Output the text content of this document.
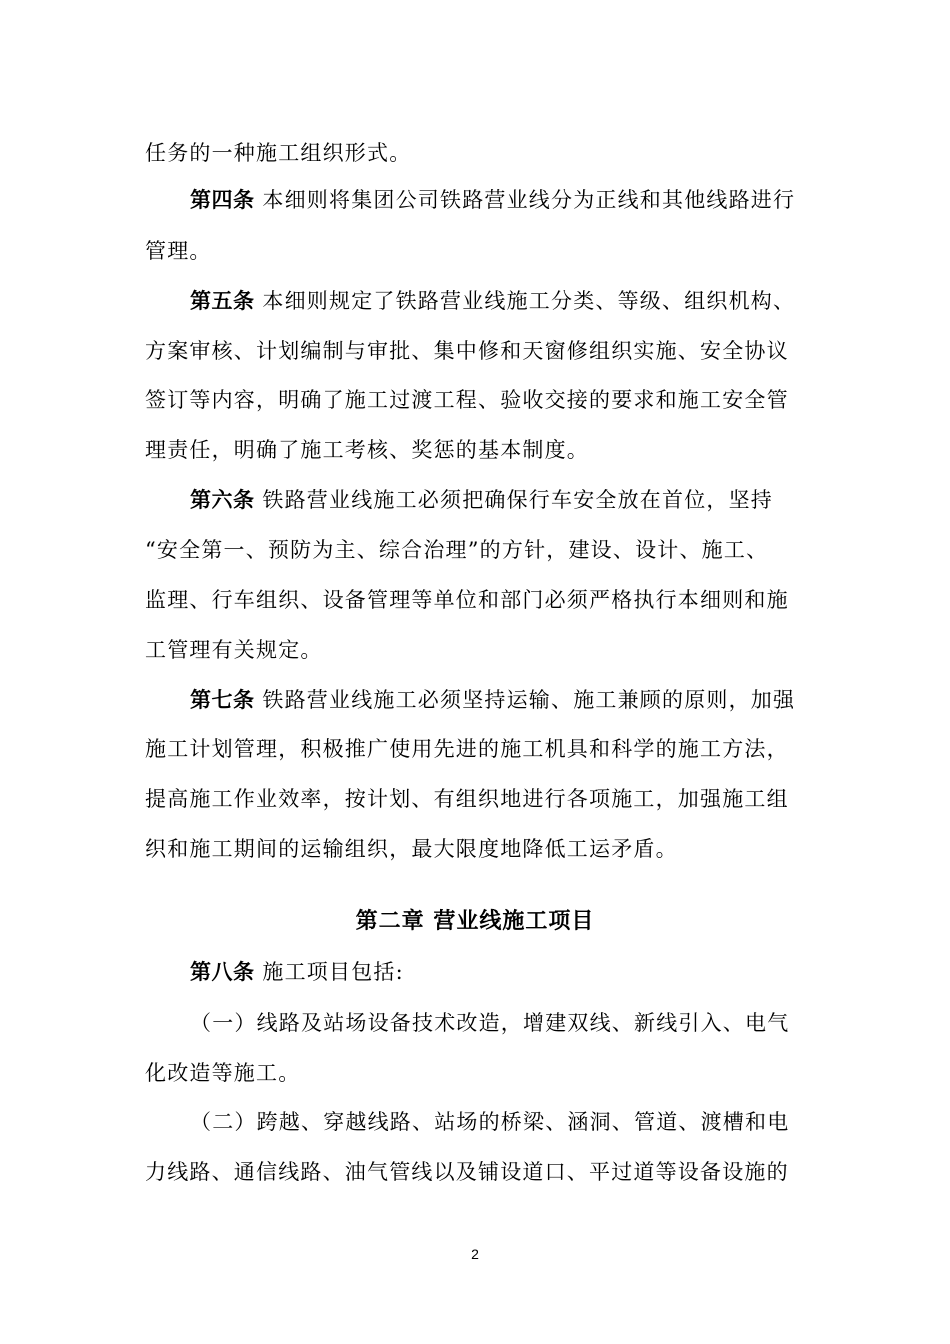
任务的一种施工组织形式。
第四条 本细则将集团公司铁路营业线分为正线和其他线路进行
管理。
第五条 本细则规定了铁路营业线施工分类、等级、组织机构、
方案审核、计划编制与审批、集中修和天窗修组织实施、安全协议
签订等内容，明确了施工过渡工程、验收交接的要求和施工安全管
理责任，明确了施工考核、奖惩的基本制度。
第六条 铁路营业线施工必须把确保行车安全放在首位，坚持
“安全第一、预防为主、综合治理”的方针，建设、设计、施工、
监理、行车组织、设备管理等单位和部门必须严格执行本细则和施
工管理有关规定。
第七条 铁路营业线施工必须坚持运输、施工兼顾的原则，加强
施工计划管理，积极推广使用先进的施工机具和科学的施工方法，
提高施工作业效率，按计划、有组织地进行各项施工，加强施工组
织和施工期间的运输组织，最大限度地降低工运矛盾。
第二章 营业线施工项目
第八条 施工项目包括:
（一）线路及站场设备技术改造，增建双线、新线引入、电气
化改造等施工。
（二）跨越、穿越线路、站场的桥梁、涵洞、管道、渡槽和电
力线路、通信线路、油气管线以及铺设道口、平过道等设备设施的
2
